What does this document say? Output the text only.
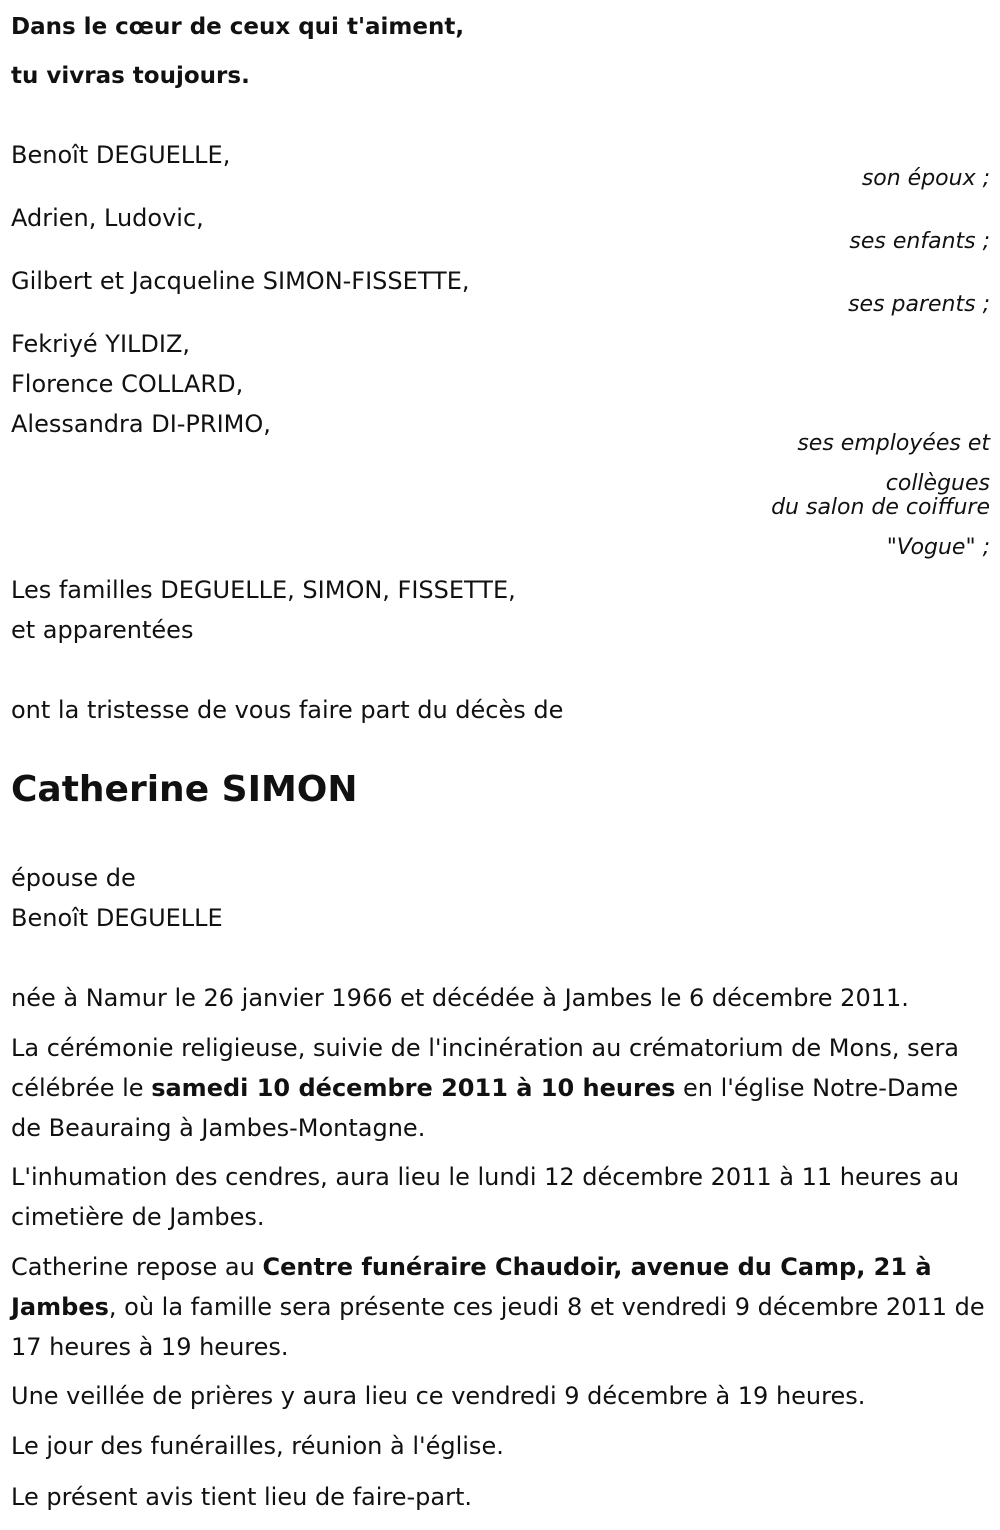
Dans le cœur de ceux qui t'aiment,
tu vivras toujours.
Benoît DEGUELLE,
son époux ;
Adrien, Ludovic,
ses enfants ;
Gilbert et Jacqueline SIMON-FISSETTE,
ses parents ;
Fekriyé YILDIZ,
Florence COLLARD,
Alessandra DI-PRIMO,
ses employées et
collègues
du salon de coiffure
"Vogue" ;
Les familles DEGUELLE, SIMON, FISSETTE,
et apparentées
ont la tristesse de vous faire part du décès de
Catherine SIMON
épouse de
Benoît DEGUELLE
née à Namur le 26 janvier 1966 et décédée à Jambes le 6 décembre 2011.
La cérémonie religieuse, suivie de l'incinération au crématorium de Mons, sera célébrée le samedi 10 décembre 2011 à 10 heures en l'église Notre-Dame de Beauraing à Jambes-Montagne.
L'inhumation des cendres, aura lieu le lundi 12 décembre 2011 à 11 heures au cimetière de Jambes.
Catherine repose au Centre funéraire Chaudoir, avenue du Camp, 21 à Jambes, où la famille sera présente ces jeudi 8 et vendredi 9 décembre 2011 de 17 heures à 19 heures.
Une veillée de prières y aura lieu ce vendredi 9 décembre à 19 heures.
Le jour des funérailles, réunion à l'église.
Le présent avis tient lieu de faire-part.
